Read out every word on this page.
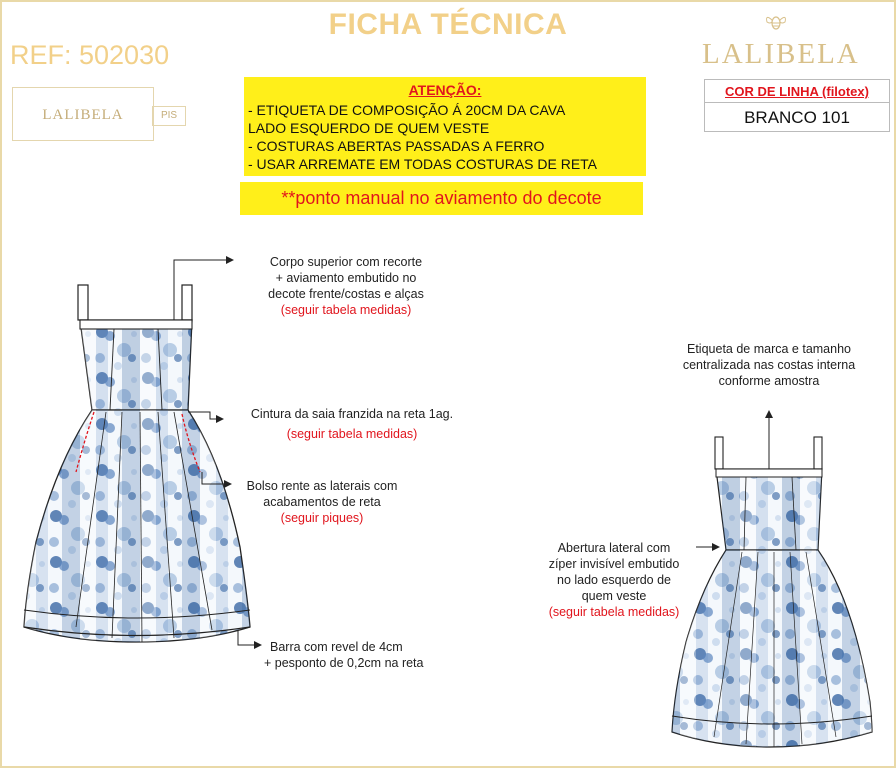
FICHA TÉCNICA
REF: 502030	LALIBELA
LALIBELA	PIS
ATENÇÃO:
- ETIQUETA DE COMPOSIÇÃO Á 20CM DA CAVA
LADO ESQUERDO DE QUEM VESTE
- COSTURAS ABERTAS PASSADAS A FERRO
- USAR ARREMATE EM TODAS COSTURAS DE RETA
**ponto manual no aviamento do decote
COR DE LINHA (filotex)
BRANCO 101
Corpo superior com recorte
+ aviamento embutido no
decote frente/costas e alças
(seguir tabela medidas)
Cintura da saia franzida na reta 1ag.
(seguir tabela medidas)
Bolso rente as laterais com
acabamentos de reta
(seguir piques)
Barra com revel de 4cm
+ pesponto de 0,2cm na reta
Etiqueta de marca e tamanho
centralizada nas costas interna
conforme amostra
Abertura lateral com
zíper invisível embutido
no lado esquerdo de
quem veste
(seguir tabela medidas)
